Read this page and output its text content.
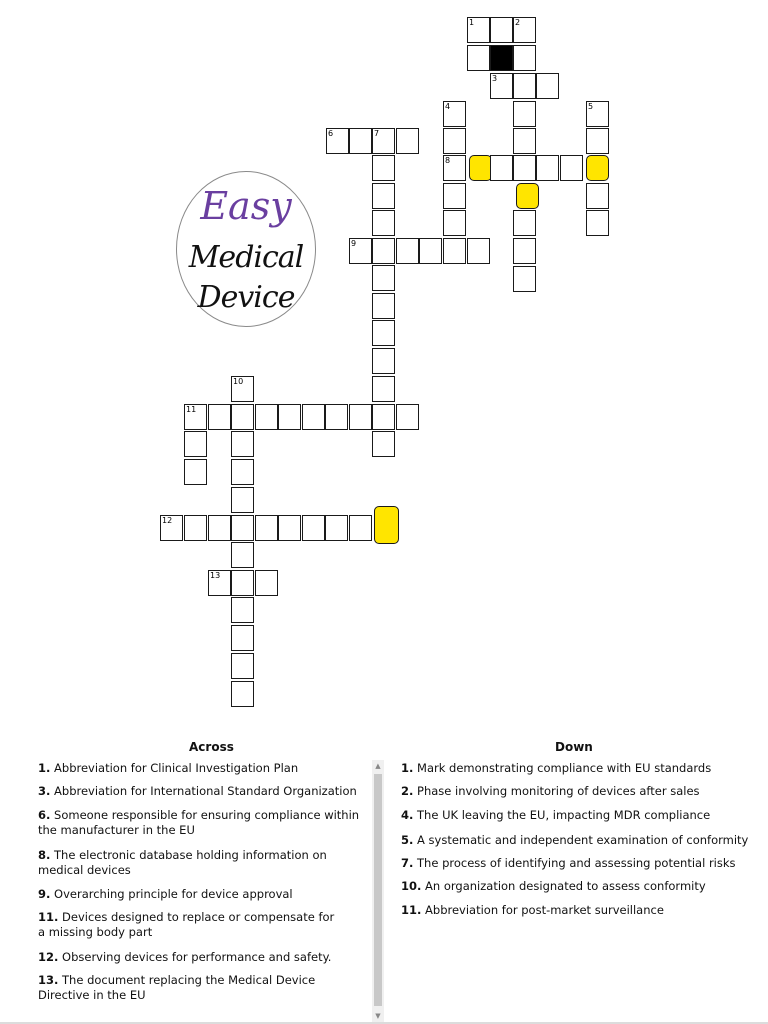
1	2
3
4
8
5
6	7
9
10
11
12
13
Easy
Medical
Device
Across	Down
1. Abbreviation for Clinical Investigation Plan
3. Abbreviation for International Standard Organization
6. Someone responsible for ensuring compliance within the manufacturer in the EU
8. The electronic database holding information on medical devices
9. Overarching principle for device approval
11. Devices designed to replace or compensate for a missing body part
12. Observing devices for performance and safety.
13. The document replacing the Medical Device Directive in the EU
▲
▼
1. Mark demonstrating compliance with EU standards
2. Phase involving monitoring of devices after sales
4. The UK leaving the EU, impacting MDR compliance
5. A systematic and independent examination of conformity
7. The process of identifying and assessing potential risks
10. An organization designated to assess conformity
11. Abbreviation for post-market surveillance
